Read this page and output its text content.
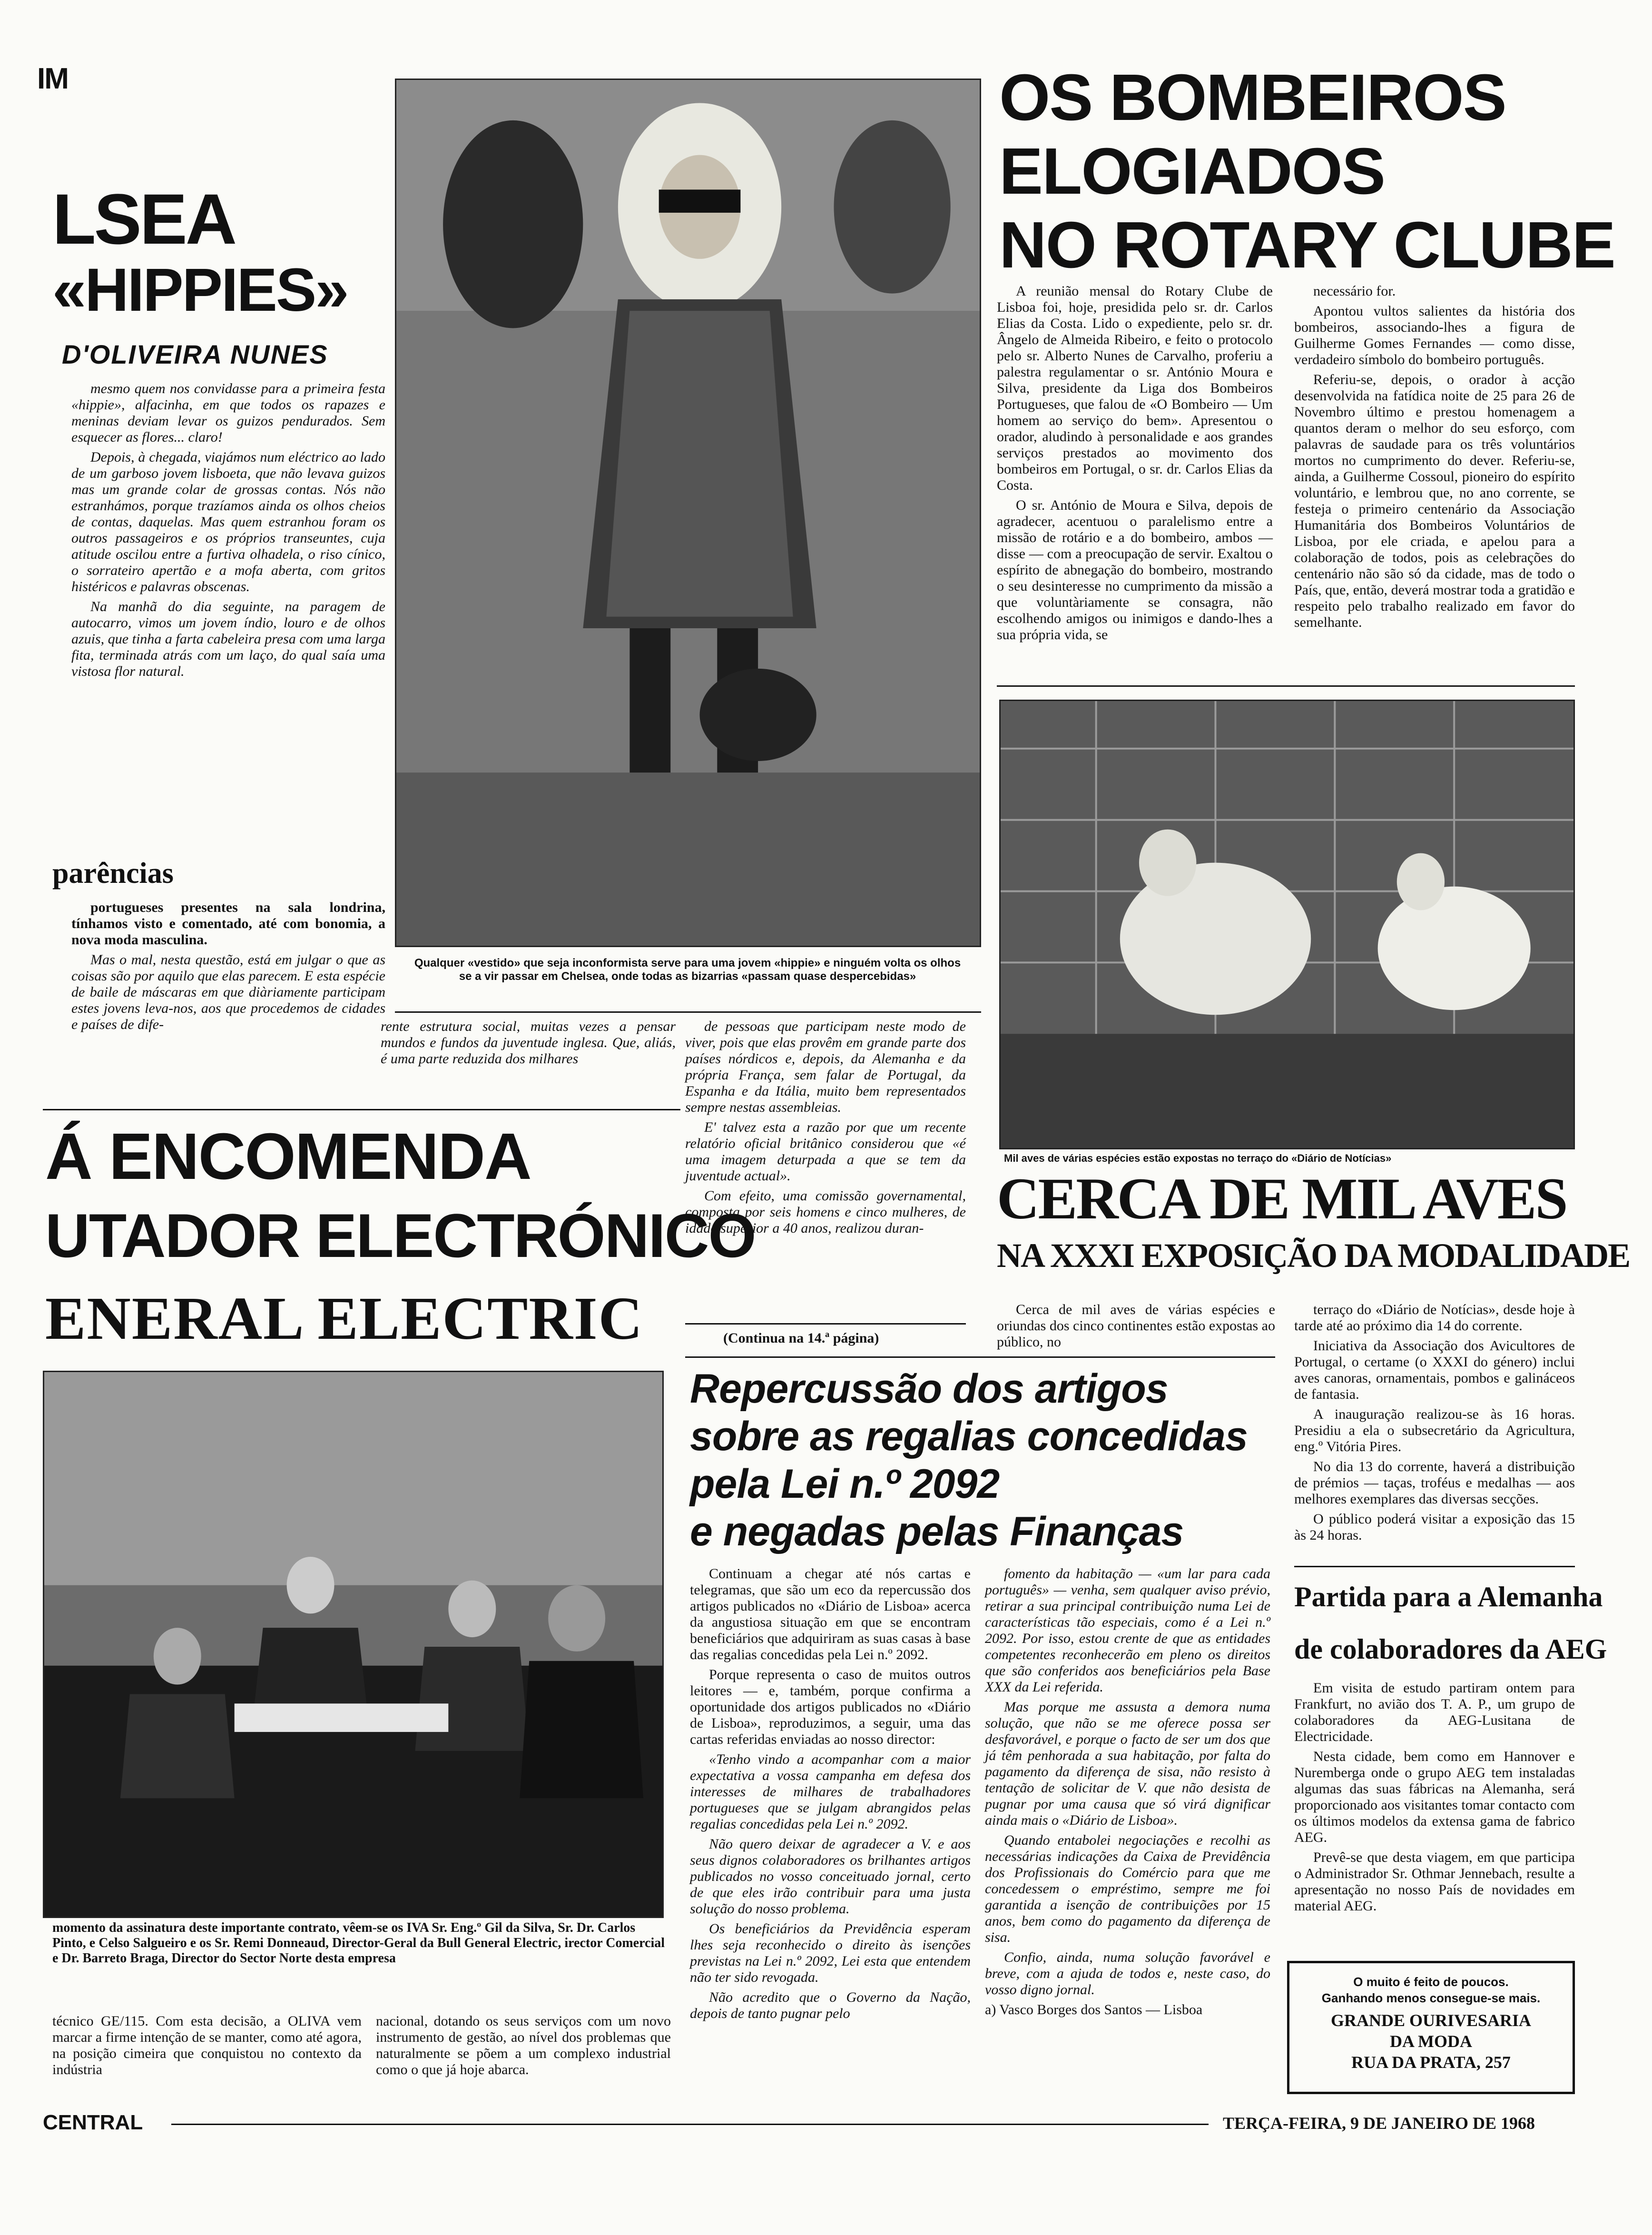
IM
LSEA
«HIPPIES»
D'OLIVEIRA NUNES

mesmo quem nos convidasse para a primeira festa «hippie», alfacinha, em que todos os rapazes e meninas deviam levar os guizos pendurados. Sem esquecer as flores... claro!

Depois, à chegada, viajámos num eléctrico ao lado de um garboso jovem lisboeta, que não levava guizos mas um grande colar de grossas contas. Nós não estranhámos, porque trazíamos ainda os olhos cheios de contas, daquelas. Mas quem estranhou foram os outros passageiros e os próprios transeuntes, cuja atitude oscilou entre a furtiva olhadela, o riso cínico, o sorrateiro apertão e a mofa aberta, com gritos histéricos e palavras obscenas.

Na manhã do dia seguinte, na paragem de autocarro, vimos um jovem índio, louro e de olhos azuis, que tinha a farta cabeleira presa com uma larga fita, terminada atrás com um laço, do qual saía uma vistosa flor natural.

parências

portugueses presentes na sala londrina, tínhamos visto e comentado, até com bonomia, a nova moda masculina.

Mas o mal, nesta questão, está em julgar o que as coisas são por aquilo que elas parecem. E esta espécie de baile de máscaras em que diàriamente participam estes jovens leva-nos, aos que procedemos de cidades e países de dife-

Qualquer «vestido» que seja inconformista serve para uma jovem «hippie» e ninguém volta os olhos se a vir passar em Chelsea, onde todas as bizarrias «passam quase despercebidas»
rente estrutura social, muitas vezes a pensar mundos e fundos da juventude inglesa. Que, aliás, é uma parte reduzida dos milhares

de pessoas que participam neste modo de viver, pois que elas provêm em grande parte dos países nórdicos e, depois, da Alemanha e da própria França, sem falar de Portugal, da Espanha e da Itália, muito bem representados sempre nestas assembleias.

E' talvez esta a razão por que um recente relatório oficial britânico considerou que «é uma imagem deturpada a que se tem da juventude actual».

Com efeito, uma comissão governamental, composta por seis homens e cinco mulheres, de idade superior a 40 anos, realizou duran-

(Continua na 14.ª página)
OS BOMBEIROS
ELOGIADOS
NO ROTARY CLUBE

A reunião mensal do Rotary Clube de Lisboa foi, hoje, presidida pelo sr. dr. Carlos Elias da Costa. Lido o expediente, pelo sr. dr. Ângelo de Almeida Ribeiro, e feito o protocolo pelo sr. Alberto Nunes de Carvalho, proferiu a palestra regulamentar o sr. António Moura e Silva, presidente da Liga dos Bombeiros Portugueses, que falou de «O Bombeiro — Um homem ao serviço do bem». Apresentou o orador, aludindo à personalidade e aos grandes serviços prestados ao movimento dos bombeiros em Portugal, o sr. dr. Carlos Elias da Costa.

O sr. António de Moura e Silva, depois de agradecer, acentuou o paralelismo entre a missão de rotário e a do bombeiro, ambos — disse — com a preocupação de servir. Exaltou o espírito de abnegação do bombeiro, mostrando o seu desinteresse no cumprimento da missão a que voluntàriamente se consagra, não escolhendo amigos ou inimigos e dando-lhes a sua própria vida, se

necessário for.

Apontou vultos salientes da história dos bombeiros, associando-lhes a figura de Guilherme Gomes Fernandes — como disse, verdadeiro símbolo do bombeiro português.

Referiu-se, depois, o orador à acção desenvolvida na fatídica noite de 25 para 26 de Novembro último e prestou homenagem a quantos deram o melhor do seu esforço, com palavras de saudade para os três voluntários mortos no cumprimento do dever. Referiu-se, ainda, a Guilherme Cossoul, pioneiro do espírito voluntário, e lembrou que, no ano corrente, se festeja o primeiro centenário da Associação Humanitária dos Bombeiros Voluntários de Lisboa, por ele criada, e apelou para a colaboração de todos, pois as celebrações do centenário não são só da cidade, mas de todo o País, que, então, deverá mostrar toda a gratidão e respeito pelo trabalho realizado em favor do semelhante.

Mil aves de várias espécies estão expostas no terraço do «Diário de Notícias»
CERCA DE MIL AVES
NA XXXI EXPOSIÇÃO DA MODALIDADE
Cerca de mil aves de várias espécies e oriundas dos cinco continentes estão expostas ao público, no

terraço do «Diário de Notícias», desde hoje à tarde até ao próximo dia 14 do corrente.

Iniciativa da Associação dos Avicultores de Portugal, o certame (o XXXI do género) inclui aves canoras, ornamentais, pombos e galináceos de fantasia.

A inauguração realizou-se às 16 horas. Presidiu a ela o subsecretário da Agricultura, eng.º Vitória Pires.

No dia 13 do corrente, haverá a distribuição de prémios — taças, troféus e medalhas — aos melhores exemplares das diversas secções.

O público poderá visitar a exposição das 15 às 24 horas.

Á ENCOMENDA
UTADOR ELECTRÓNICO
ENERAL ELECTRIC
momento da assinatura deste importante contrato, vêem-se os IVA Sr. Eng.º Gil da Silva, Sr. Dr. Carlos Pinto, e Celso Salgueiro e os Sr. Remi Donneaud, Director-Geral da Bull General Electric, irector Comercial e Dr. Barreto Braga, Director do Sector Norte desta empresa
técnico GE/115. Com esta decisão, a OLIVA vem marcar a firme intenção de se manter, como até agora, na posição cimeira que conquistou no contexto da indústria
nacional, dotando os seus serviços com um novo instrumento de gestão, ao nível dos problemas que naturalmente se põem a um complexo industrial como o que já hoje abarca.
Repercussão dos artigos
sobre as regalias concedidas
pela Lei n.º 2092
e negadas pelas Finanças

Continuam a chegar até nós cartas e telegramas, que são um eco da repercussão dos artigos publicados no «Diário de Lisboa» acerca da angustiosa situação em que se encontram beneficiários que adquiriram as suas casas à base das regalias concedidas pela Lei n.º 2092.

Porque representa o caso de muitos outros leitores — e, também, porque confirma a oportunidade dos artigos publicados no «Diário de Lisboa», reproduzimos, a seguir, uma das cartas referidas enviadas ao nosso director:

«Tenho vindo a acompanhar com a maior expectativa a vossa campanha em defesa dos interesses de milhares de trabalhadores portugueses que se julgam abrangidos pelas regalias concedidas pela Lei n.º 2092.

Não quero deixar de agradecer a V. e aos seus dignos colaboradores os brilhantes artigos publicados no vosso conceituado jornal, certo de que eles irão contribuir para uma justa solução do nosso problema.

Os beneficiários da Previdência esperam lhes seja reconhecido o direito às isenções previstas na Lei n.º 2092, Lei esta que entendem não ter sido revogada.

Não acredito que o Governo da Nação, depois de tanto pugnar pelo

fomento da habitação — «um lar para cada português» — venha, sem qualquer aviso prévio, retirar a sua principal contribuição numa Lei de características tão especiais, como é a Lei n.º 2092. Por isso, estou crente de que as entidades competentes reconhecerão em pleno os direitos que são conferidos aos beneficiários pela Base XXX da Lei referida.

Mas porque me assusta a demora numa solução, que não se me oferece possa ser desfavorável, e porque o facto de ser um dos que já têm penhorada a sua habitação, por falta do pagamento da diferença de sisa, não resisto à tentação de solicitar de V. que não desista de pugnar por uma causa que só virá dignificar ainda mais o «Diário de Lisboa».

Quando entabolei negociações e recolhi as necessárias indicações da Caixa de Previdência dos Profissionais do Comércio para que me concedessem o empréstimo, sempre me foi garantida a isenção de contribuições por 15 anos, bem como do pagamento da diferença de sisa.

Confio, ainda, numa solução favorável e breve, com a ajuda de todos e, neste caso, do vosso digno jornal.

a) Vasco Borges dos Santos — Lisboa

Partida para a Alemanha
de colaboradores da AEG

Em visita de estudo partiram ontem para Frankfurt, no avião dos T. A. P., um grupo de colaboradores da AEG-Lusitana de Electricidade.

Nesta cidade, bem como em Hannover e Nuremberga onde o grupo AEG tem instaladas algumas das suas fábricas na Alemanha, será proporcionado aos visitantes tomar contacto com os últimos modelos da extensa gama de fabrico AEG.

Prevê-se que desta viagem, em que participa o Administrador Sr. Othmar Jennebach, resulte a apresentação no nosso País de novidades em material AEG.

O muito é feito de poucos.
Ganhando menos consegue-se mais.
GRANDE OURIVESARIA
DA MODA
RUA DA PRATA, 257
CENTRAL	TERÇA-FEIRA, 9 DE JANEIRO DE 1968
